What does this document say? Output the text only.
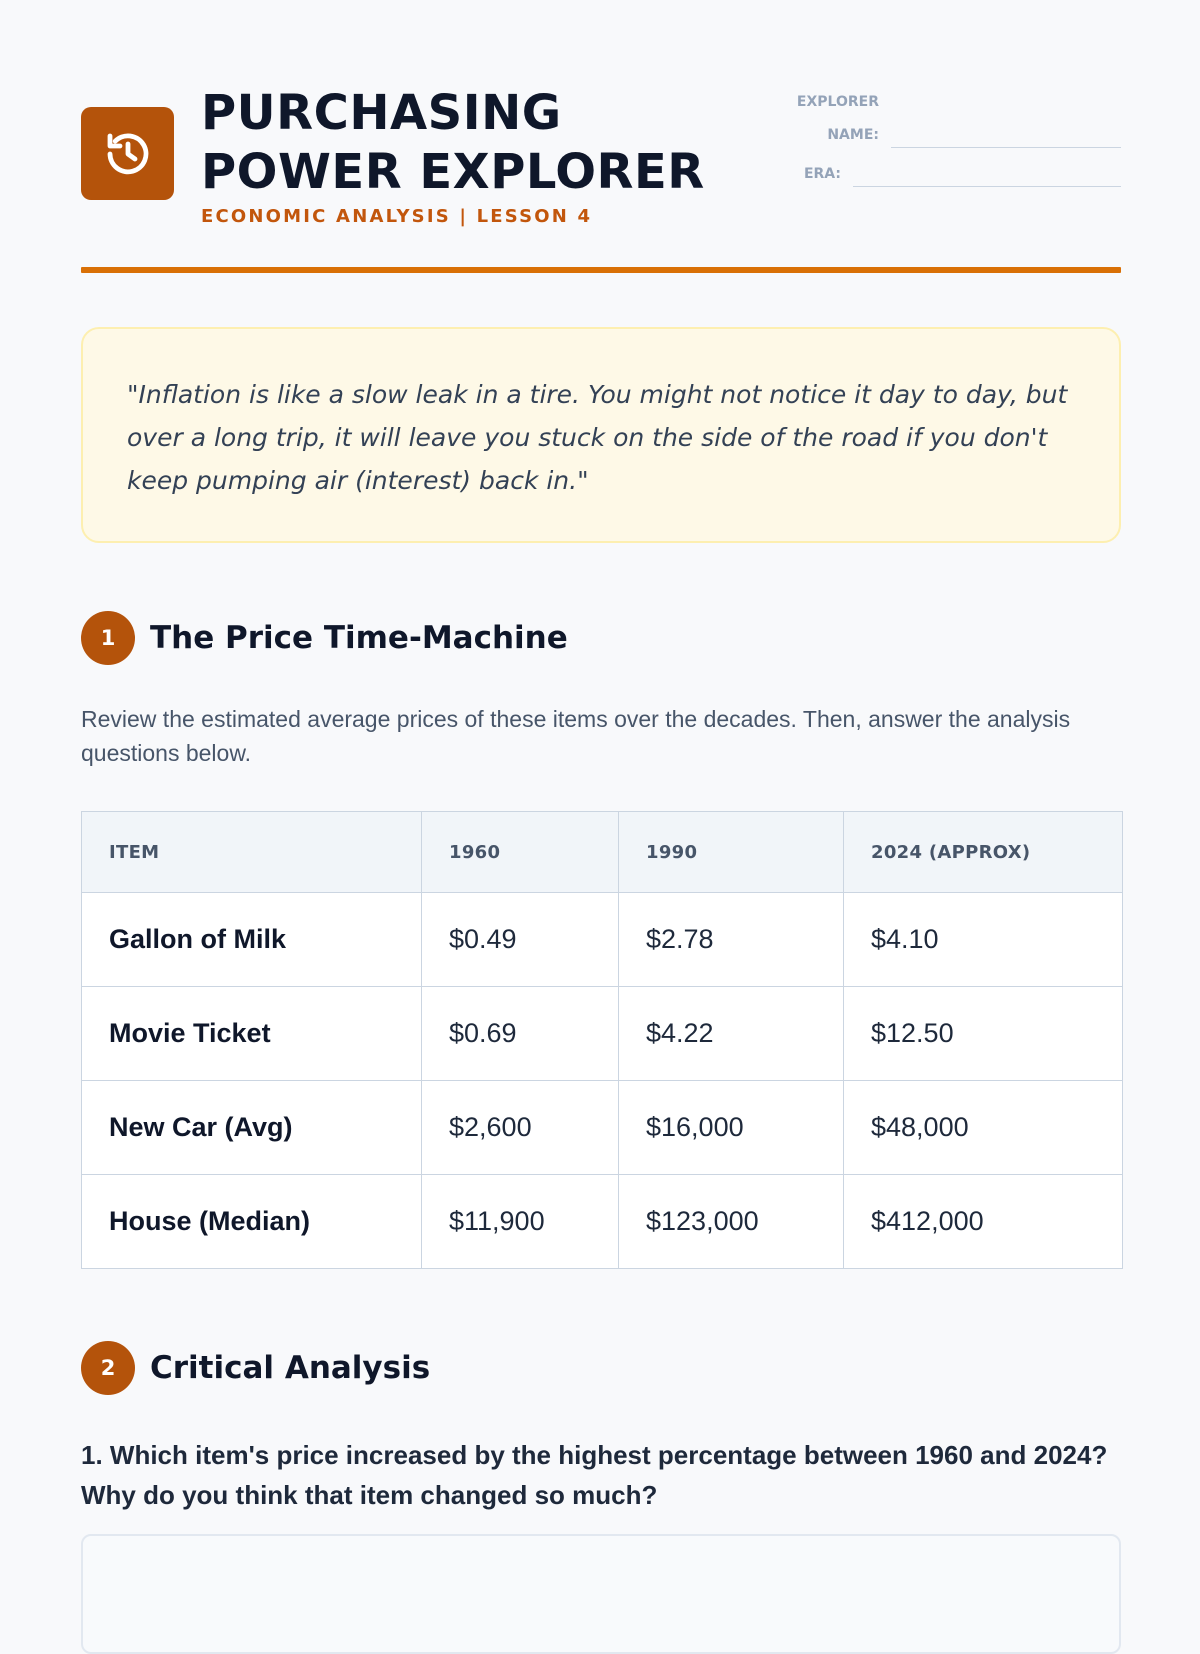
PURCHASING
POWER EXPLORER
ECONOMIC ANALYSIS | LESSON 4
EXPLORER
NAME:
ERA:

"Inflation is like a slow leak in a tire. You might not notice it day to day, but over a long trip, it will leave you stuck on the side of the road if you don't keep pumping air (interest) back in."

1	The Price Time-Machine

Review the estimated average prices of these items over the decades. Then, answer the analysis questions below.

ITEM	1960	1990	2024 (APPROX)
Gallon of Milk	$0.49	$2.78	$4.10
Movie Ticket	$0.69	$4.22	$12.50
New Car (Avg)	$2,600	$16,000	$48,000
House (Median)	$11,900	$123,000	$412,000
2	Critical Analysis

1. Which item's price increased by the highest percentage between 1960 and 2024? Why do you think that item changed so much?
